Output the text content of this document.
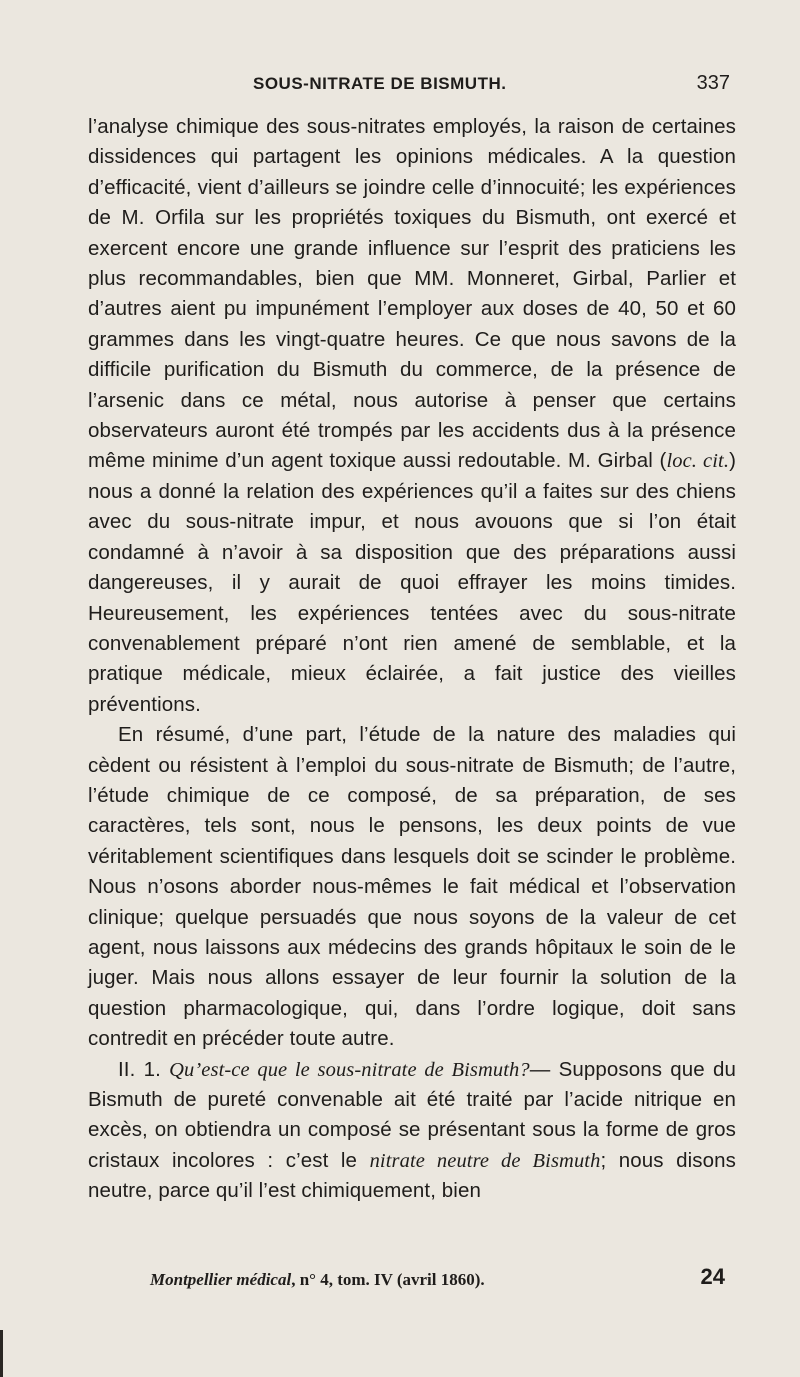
SOUS-NITRATE DE BISMUTH.	337

l’analyse chimique des sous-nitrates employés, la raison de certaines dissidences qui partagent les opinions médicales. A la question d’efficacité, vient d’ailleurs se joindre celle d’innocuité; les expériences de M. Orfila sur les propriétés toxiques du Bismuth, ont exercé et exercent encore une grande influence sur l’esprit des praticiens les plus recommandables, bien que MM. Monneret, Girbal, Parlier et d’autres aient pu impunément l’employer aux doses de 40, 50 et 60 grammes dans les vingt-quatre heures. Ce que nous savons de la difficile purification du Bismuth du commerce, de la présence de l’arsenic dans ce métal, nous autorise à penser que certains observateurs auront été trompés par les accidents dus à la présence même minime d’un agent toxique aussi redoutable. M. Girbal (loc. cit.) nous a donné la relation des expériences qu’il a faites sur des chiens avec du sous-nitrate impur, et nous avouons que si l’on était condamné à n’avoir à sa disposition que des préparations aussi dangereuses, il y aurait de quoi effrayer les moins timides. Heureusement, les expériences tentées avec du sous-nitrate convenablement préparé n’ont rien amené de semblable, et la pratique médicale, mieux éclairée, a fait justice des vieilles préventions.

En résumé, d’une part, l’étude de la nature des maladies qui cèdent ou résistent à l’emploi du sous-nitrate de Bismuth; de l’autre, l’étude chimique de ce composé, de sa préparation, de ses caractères, tels sont, nous le pensons, les deux points de vue véritablement scientifiques dans lesquels doit se scinder le problème. Nous n’osons aborder nous-mêmes le fait médical et l’observation clinique; quelque persuadés que nous soyons de la valeur de cet agent, nous laissons aux médecins des grands hôpitaux le soin de le juger. Mais nous allons essayer de leur fournir la solution de la question pharmacologique, qui, dans l’ordre logique, doit sans contredit en précéder toute autre.

II. 1. Qu’est-ce que le sous-nitrate de Bismuth?— Supposons que du Bismuth de pureté convenable ait été traité par l’acide nitrique en excès, on obtiendra un composé se présentant sous la forme de gros cristaux incolores : c’est le nitrate neutre de Bismuth; nous disons neutre, parce qu’il l’est chimiquement, bien

Montpellier médical, n° 4, tom. IV (avril 1860).	24
